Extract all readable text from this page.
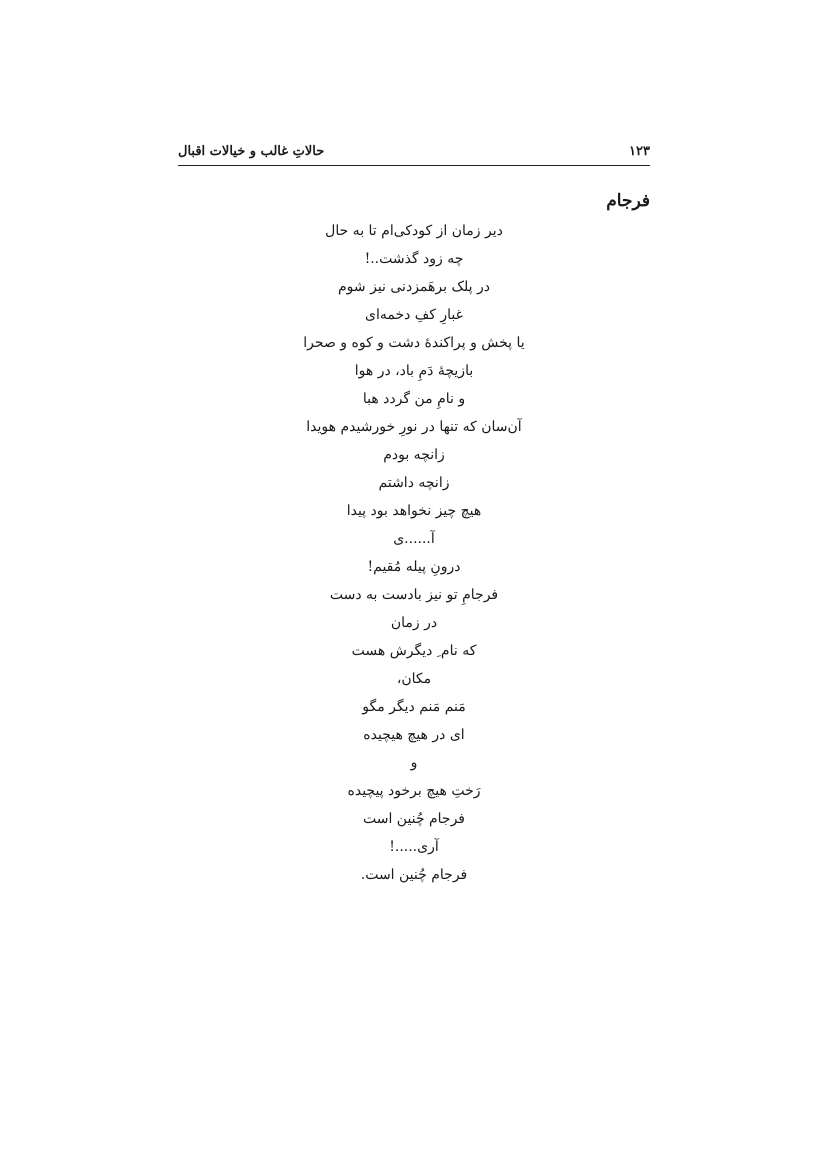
حالاتِ غالب و خیالات اقبال	۱۲۳
فرجام
دیر زمان از کودکی‌ام تا به حال
چه زود گذشت..!
در پلک برهَمزدنی نیز شوم
غبارِ کفِ دخمه‌ای
یا پخش و پراکندهٔ دشت و کوه و صحرا
بازیچهٔ دَمِ باد، در هوا
و نامِ من گردد هبا
آن‌سان که تنها در نورِ خورشیدم هویدا
زانچه بودم
زانچه داشتم
هیچ چیز نخواهد بود پیدا
آ......ی
درونِ پیله مُقیم!
فرجامِ تو نیز بادست به دست
در زمان
که نام ِ دیگرش هست
مکان،
مَنم مَنم دیگر مگو
ای در هیچ هیچیده
و
رَختِ هیچ برخود پیچیده
فرجام چُنین است
آری.....!
فرجام چُنین است.
